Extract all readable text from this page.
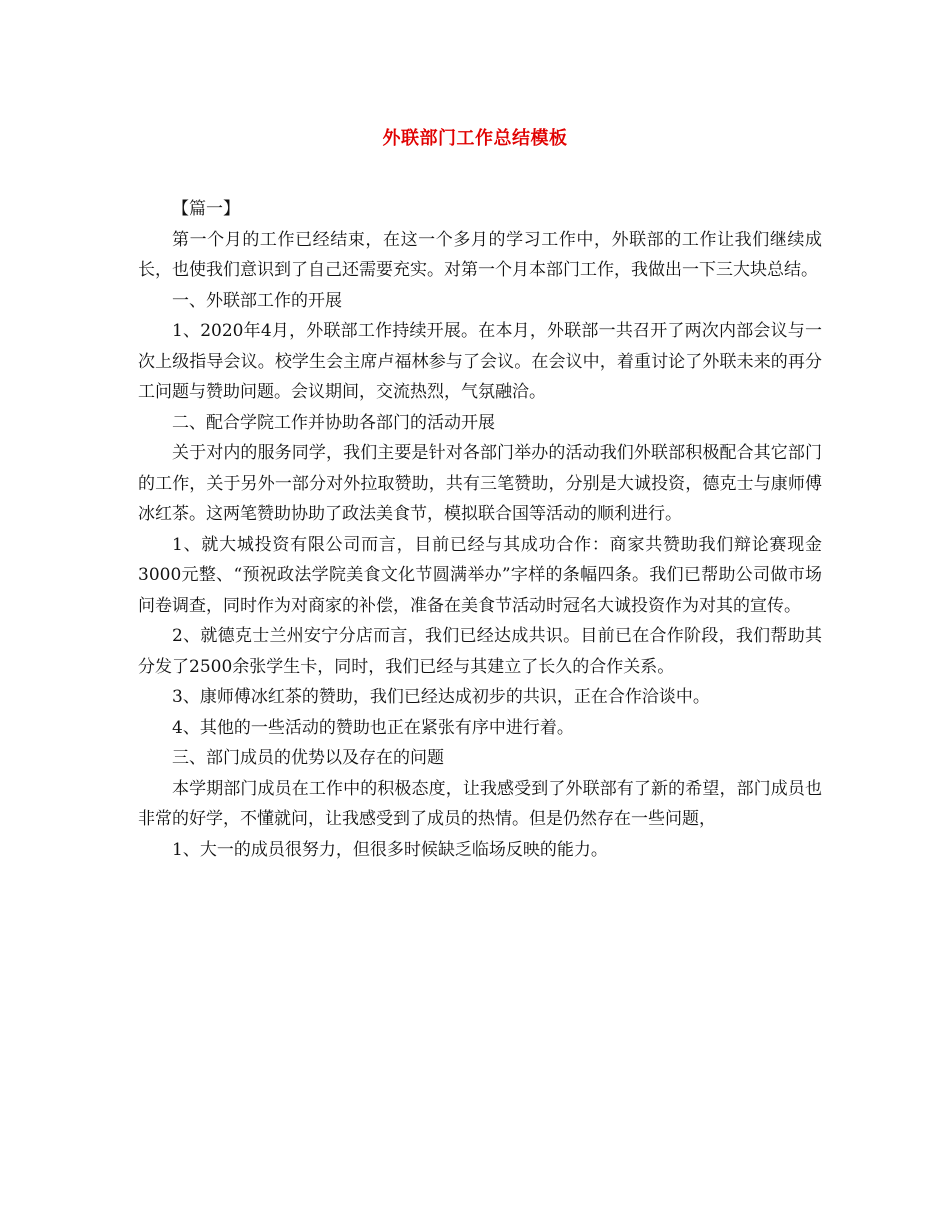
外联部门工作总结模板

【篇一】

第一个月的工作已经结束，在这一个多月的学习工作中，外联部的工作让我们继续成长，也使我们意识到了自己还需要充实。对第一个月本部门工作，我做出一下三大块总结。

一、外联部工作的开展

1、2020年4月，外联部工作持续开展。在本月，外联部一共召开了两次内部会议与一次上级指导会议。校学生会主席卢福林参与了会议。在会议中，着重讨论了外联未来的再分工问题与赞助问题。会议期间，交流热烈，气氛融洽。

二、配合学院工作并协助各部门的活动开展

关于对内的服务同学，我们主要是针对各部门举办的活动我们外联部积极配合其它部门的工作，关于另外一部分对外拉取赞助，共有三笔赞助，分别是大诚投资，德克士与康师傅冰红茶。这两笔赞助协助了政法美食节，模拟联合国等活动的顺利进行。

1、就大城投资有限公司而言，目前已经与其成功合作：商家共赞助我们辩论赛现金3000元整、“预祝政法学院美食文化节圆满举办”字样的条幅四条。我们已帮助公司做市场问卷调查，同时作为对商家的补偿，准备在美食节活动时冠名大诚投资作为对其的宣传。

2、就德克士兰州安宁分店而言，我们已经达成共识。目前已在合作阶段，我们帮助其分发了2500余张学生卡，同时，我们已经与其建立了长久的合作关系。

3、康师傅冰红茶的赞助，我们已经达成初步的共识，正在合作洽谈中。

4、其他的一些活动的赞助也正在紧张有序中进行着。

三、部门成员的优势以及存在的问题

本学期部门成员在工作中的积极态度，让我感受到了外联部有了新的希望，部门成员也非常的好学，不懂就问，让我感受到了成员的热情。但是仍然存在一些问题，

1、大一的成员很努力，但很多时候缺乏临场反映的能力。
